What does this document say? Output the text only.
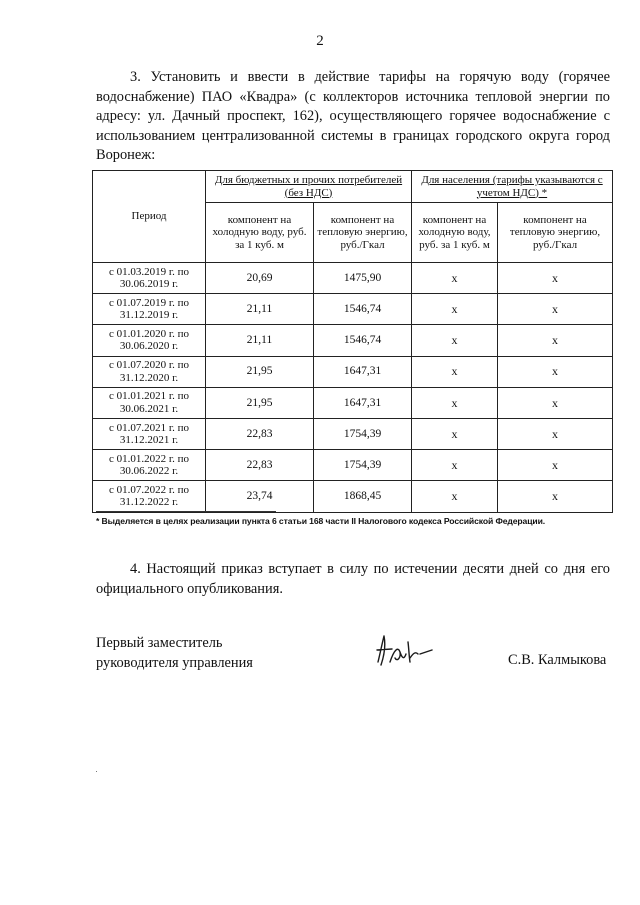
2
3. Установить и ввести в действие тарифы на горячую воду (горячее водоснабжение) ПАО «Квадра» (с коллекторов источника тепловой энергии по адресу: ул. Дачный проспект, 162), осуществляющего горячее водоснабжение с использованием централизованной системы в границах городского округа город Воронеж:
Период	Для бюджетных и прочих потребителей (без НДС)		Для населения (тарифы указываются с учетом НДС) *	
	компонент на холодную воду, руб. за 1 куб. м	компонент на тепловую энергию, руб./Гкал	компонент на холодную воду, руб. за 1 куб. м	компонент на тепловую энергию, руб./Гкал
с 01.03.2019 г. по 30.06.2019 г.	20,69	1475,90	x	x
с 01.07.2019 г. по 31.12.2019 г.	21,11	1546,74	x	x
с 01.01.2020 г. по 30.06.2020 г.	21,11	1546,74	x	x
с 01.07.2020 г. по 31.12.2020 г.	21,95	1647,31	x	x
с 01.01.2021 г. по 30.06.2021 г.	21,95	1647,31	x	x
с 01.07.2021 г. по 31.12.2021 г.	22,83	1754,39	x	x
с 01.01.2022 г. по 30.06.2022 г.	22,83	1754,39	x	x
с 01.07.2022 г. по 31.12.2022 г.	23,74	1868,45	x	x
* Выделяется в целях реализации пункта 6 статьи 168 части II Налогового кодекса Российской Федерации.
4. Настоящий приказ вступает в силу по истечении десяти дней со дня его официального опубликования.
Первый заместитель
руководителя управления	С.В. Калмыкова
